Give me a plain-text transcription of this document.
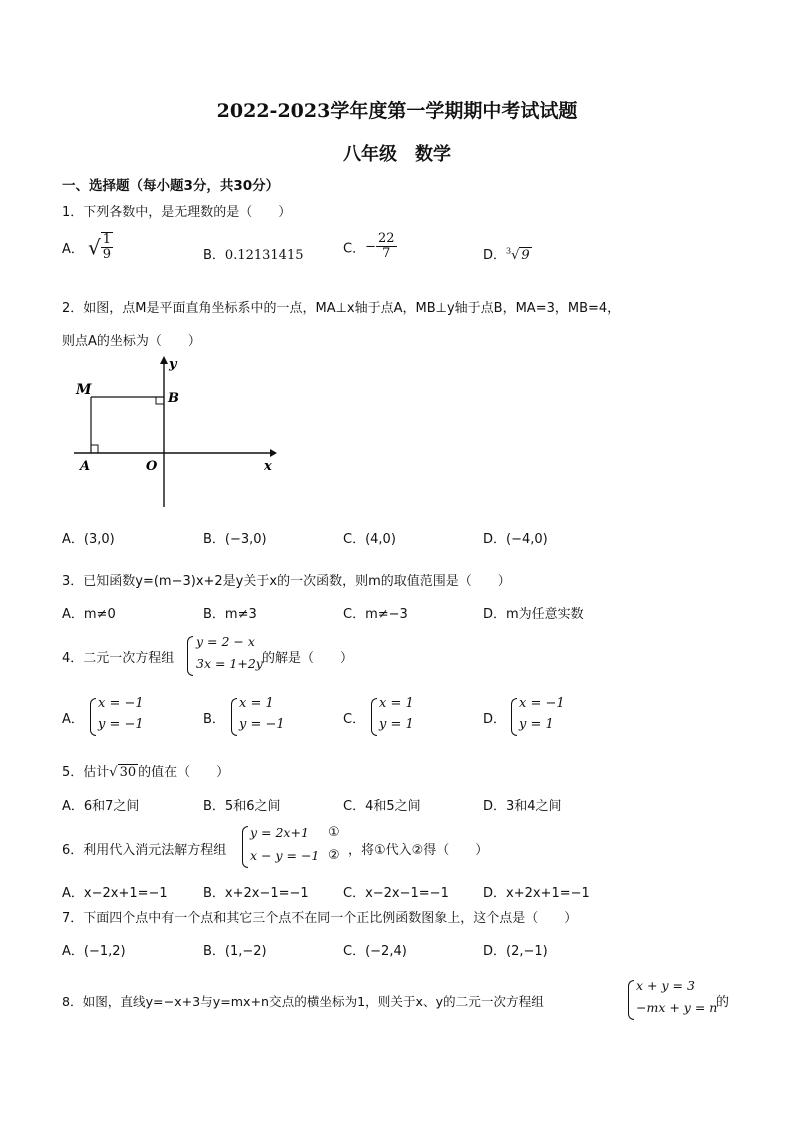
2022-2023学年度第一学期期中考试试题
八年级　数学
一、选择题（每小题3分，共30分）
1．下列各数中，是无理数的是（　　）
A． √ $\frac{1}{9}$	B．0.12131415	C．− $\frac{22}{7}$	D．$^3$√ 9
2．如图，点M是平面直角坐标系中的一点，MA⊥x轴于点A，MB⊥y轴于点B，MA=3，MB=4，
则点A的坐标为（　　）
M
B
A	O	x
y
A．(3,0)	B．(−3,0)	C．(4,0)	D．(−4,0)
3．已知函数y=(m−3)x+2是y关于x的一次函数，则m的取值范围是（　　）
A．m≠0	B．m≠3	C．m≠−3	D．m为任意实数
4．二元一次方程组
y = 2 − x
3x = 1+2y 的解是（　　）
A．
x = −1
y = −1	B．
x = 1
y = −1	C．
x = 1
y = 1	D．
x = −1
y = 1
5．估计√ 30 的值在（　　）
A．6和7之间	B．5和6之间	C．4和5之间	D．3和4之间
6．利用代入消元法解方程组
y = 2x+1
x − y = −1
①
② ，将①代入②得（　　）
A．x−2x+1=−1	B．x+2x−1=−1	C．x−2x−1=−1	D．x+2x+1=−1
7．下面四个点中有一个点和其它三个点不在同一个正比例函数图象上，这个点是（　　）
A．(−1,2)	B．(1,−2)	C．(−2,4)	D．(2,−1)
8．如图，直线y=−x+3与y=mx+n交点的横坐标为1，则关于x、y的二元一次方程组
x + y = 3
−mx + y = n
的
